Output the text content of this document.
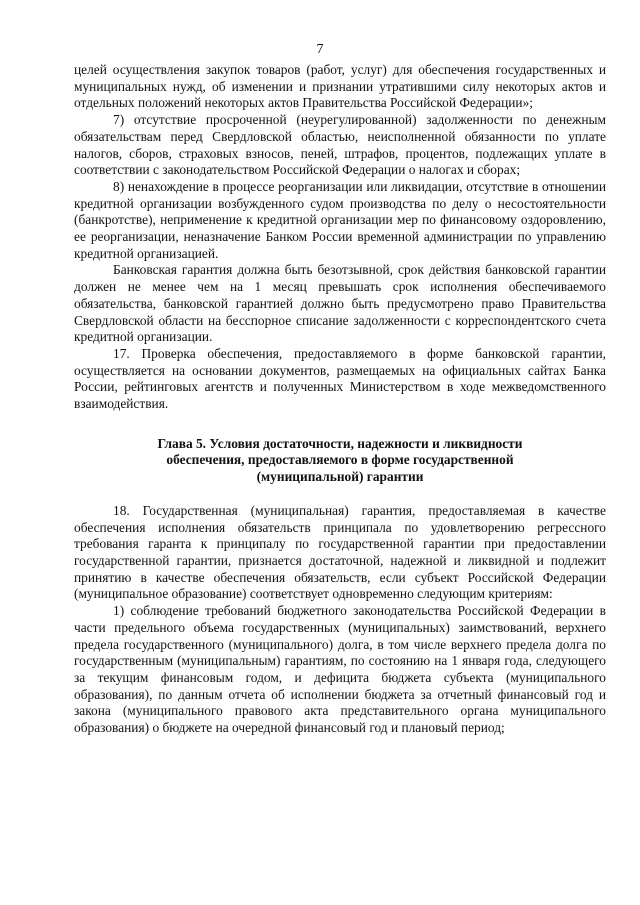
7

целей осуществления закупок товаров (работ, услуг) для обеспечения государственных и муниципальных нужд, об изменении и признании утратившими силу некоторых актов и отдельных положений некоторых актов Правительства Российской Федерации»;

7) отсутствие просроченной (неурегулированной) задолженности по денежным обязательствам перед Свердловской областью, неисполненной обязанности по уплате налогов, сборов, страховых взносов, пеней, штрафов, процентов, подлежащих уплате в соответствии с законодательством Российской Федерации о налогах и сборах;

8) ненахождение в процессе реорганизации или ликвидации, отсутствие в отношении кредитной организации возбужденного судом производства по делу о несостоятельности (банкротстве), неприменение к кредитной организации мер по финансовому оздоровлению, ее реорганизации, неназначение Банком России временной администрации по управлению кредитной организацией.

Банковская гарантия должна быть безотзывной, срок действия банковской гарантии должен не менее чем на 1 месяц превышать срок исполнения обеспечиваемого обязательства, банковской гарантией должно быть предусмотрено право Правительства Свердловской области на бесспорное списание задолженности с корреспондентского счета кредитной организации.

17. Проверка обеспечения, предоставляемого в форме банковской гарантии, осуществляется на основании документов, размещаемых на официальных сайтах Банка России, рейтинговых агентств и полученных Министерством в ходе межведомственного взаимодействия.

Глава 5. Условия достаточности, надежности и ликвидности
обеспечения, предоставляемого в форме государственной
(муниципальной) гарантии

18. Государственная (муниципальная) гарантия, предоставляемая в качестве обеспечения исполнения обязательств принципала по удовлетворению регрессного требования гаранта к принципалу по государственной гарантии при предоставлении государственной гарантии, признается достаточной, надежной и ликвидной и подлежит принятию в качестве обеспечения обязательств, если субъект Российской Федерации (муниципальное образование) соответствует одновременно следующим критериям:

1) соблюдение требований бюджетного законодательства Российской Федерации в части предельного объема государственных (муниципальных) заимствований, верхнего предела государственного (муниципального) долга, в том числе верхнего предела долга по государственным (муниципальным) гарантиям, по состоянию на 1 января года, следующего за текущим финансовым годом, и дефицита бюджета субъекта (муниципального образования), по данным отчета об исполнении бюджета за отчетный финансовый год и закона (муниципального правового акта представительного органа муниципального образования) о бюджете на очередной финансовый год и плановый период;
